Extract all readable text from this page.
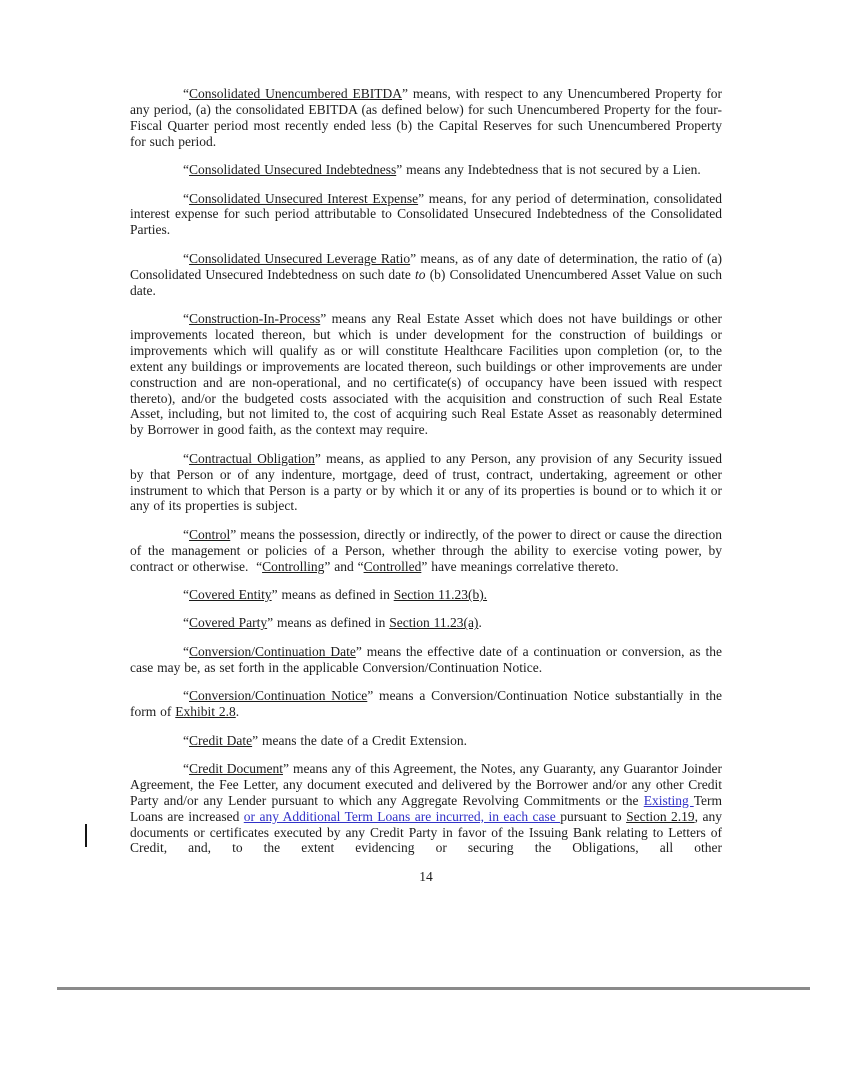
“Consolidated Unencumbered EBITDA” means, with respect to any Unencumbered Property for any period, (a) the consolidated EBITDA (as defined below) for such Unencumbered Property for the four-Fiscal Quarter period most recently ended less (b) the Capital Reserves for such Unencumbered Property for such period.

“Consolidated Unsecured Indebtedness” means any Indebtedness that is not secured by a Lien.

“Consolidated Unsecured Interest Expense” means, for any period of determination, consolidated interest expense for such period attributable to Consolidated Unsecured Indebtedness of the Consolidated Parties.

“Consolidated Unsecured Leverage Ratio” means, as of any date of determination, the ratio of (a) Consolidated Unsecured Indebtedness on such date to (b) Consolidated Unencumbered Asset Value on such date.

“Construction-In-Process” means any Real Estate Asset which does not have buildings or other improvements located thereon, but which is under development for the construction of buildings or improvements which will qualify as or will constitute Healthcare Facilities upon completion (or, to the extent any buildings or improvements are located thereon, such buildings or other improvements are under construction and are non-operational, and no certificate(s) of occupancy have been issued with respect thereto), and/or the budgeted costs associated with the acquisition and construction of such Real Estate Asset, including, but not limited to, the cost of acquiring such Real Estate Asset as reasonably determined by Borrower in good faith, as the context may require.

“Contractual Obligation” means, as applied to any Person, any provision of any Security issued by that Person or of any indenture, mortgage, deed of trust, contract, undertaking, agreement or other instrument to which that Person is a party or by which it or any of its properties is bound or to which it or any of its properties is subject.

“Control” means the possession, directly or indirectly, of the power to direct or cause the direction of the management or policies of a Person, whether through the ability to exercise voting power, by contract or otherwise.  “Controlling” and “Controlled” have meanings correlative thereto.

“Covered Entity” means as defined in Section 11.23(b).

“Covered Party” means as defined in Section 11.23(a).

“Conversion/Continuation Date” means the effective date of a continuation or conversion, as the case may be, as set forth in the applicable Conversion/Continuation Notice.

“Conversion/Continuation Notice” means a Conversion/Continuation Notice substantially in the form of Exhibit 2.8.

“Credit Date” means the date of a Credit Extension.

“Credit Document” means any of this Agreement, the Notes, any Guaranty, any Guarantor Joinder Agreement, the Fee Letter, any document executed and delivered by the Borrower and/or any other Credit Party and/or any Lender pursuant to which any Aggregate Revolving Commitments or the Existing Term Loans are increased or any Additional Term Loans are incurred, in each case pursuant to Section 2.19, any documents or certificates executed by any Credit Party in favor of the Issuing Bank relating to Letters of Credit, and, to the extent evidencing or securing the Obligations, all other

14
